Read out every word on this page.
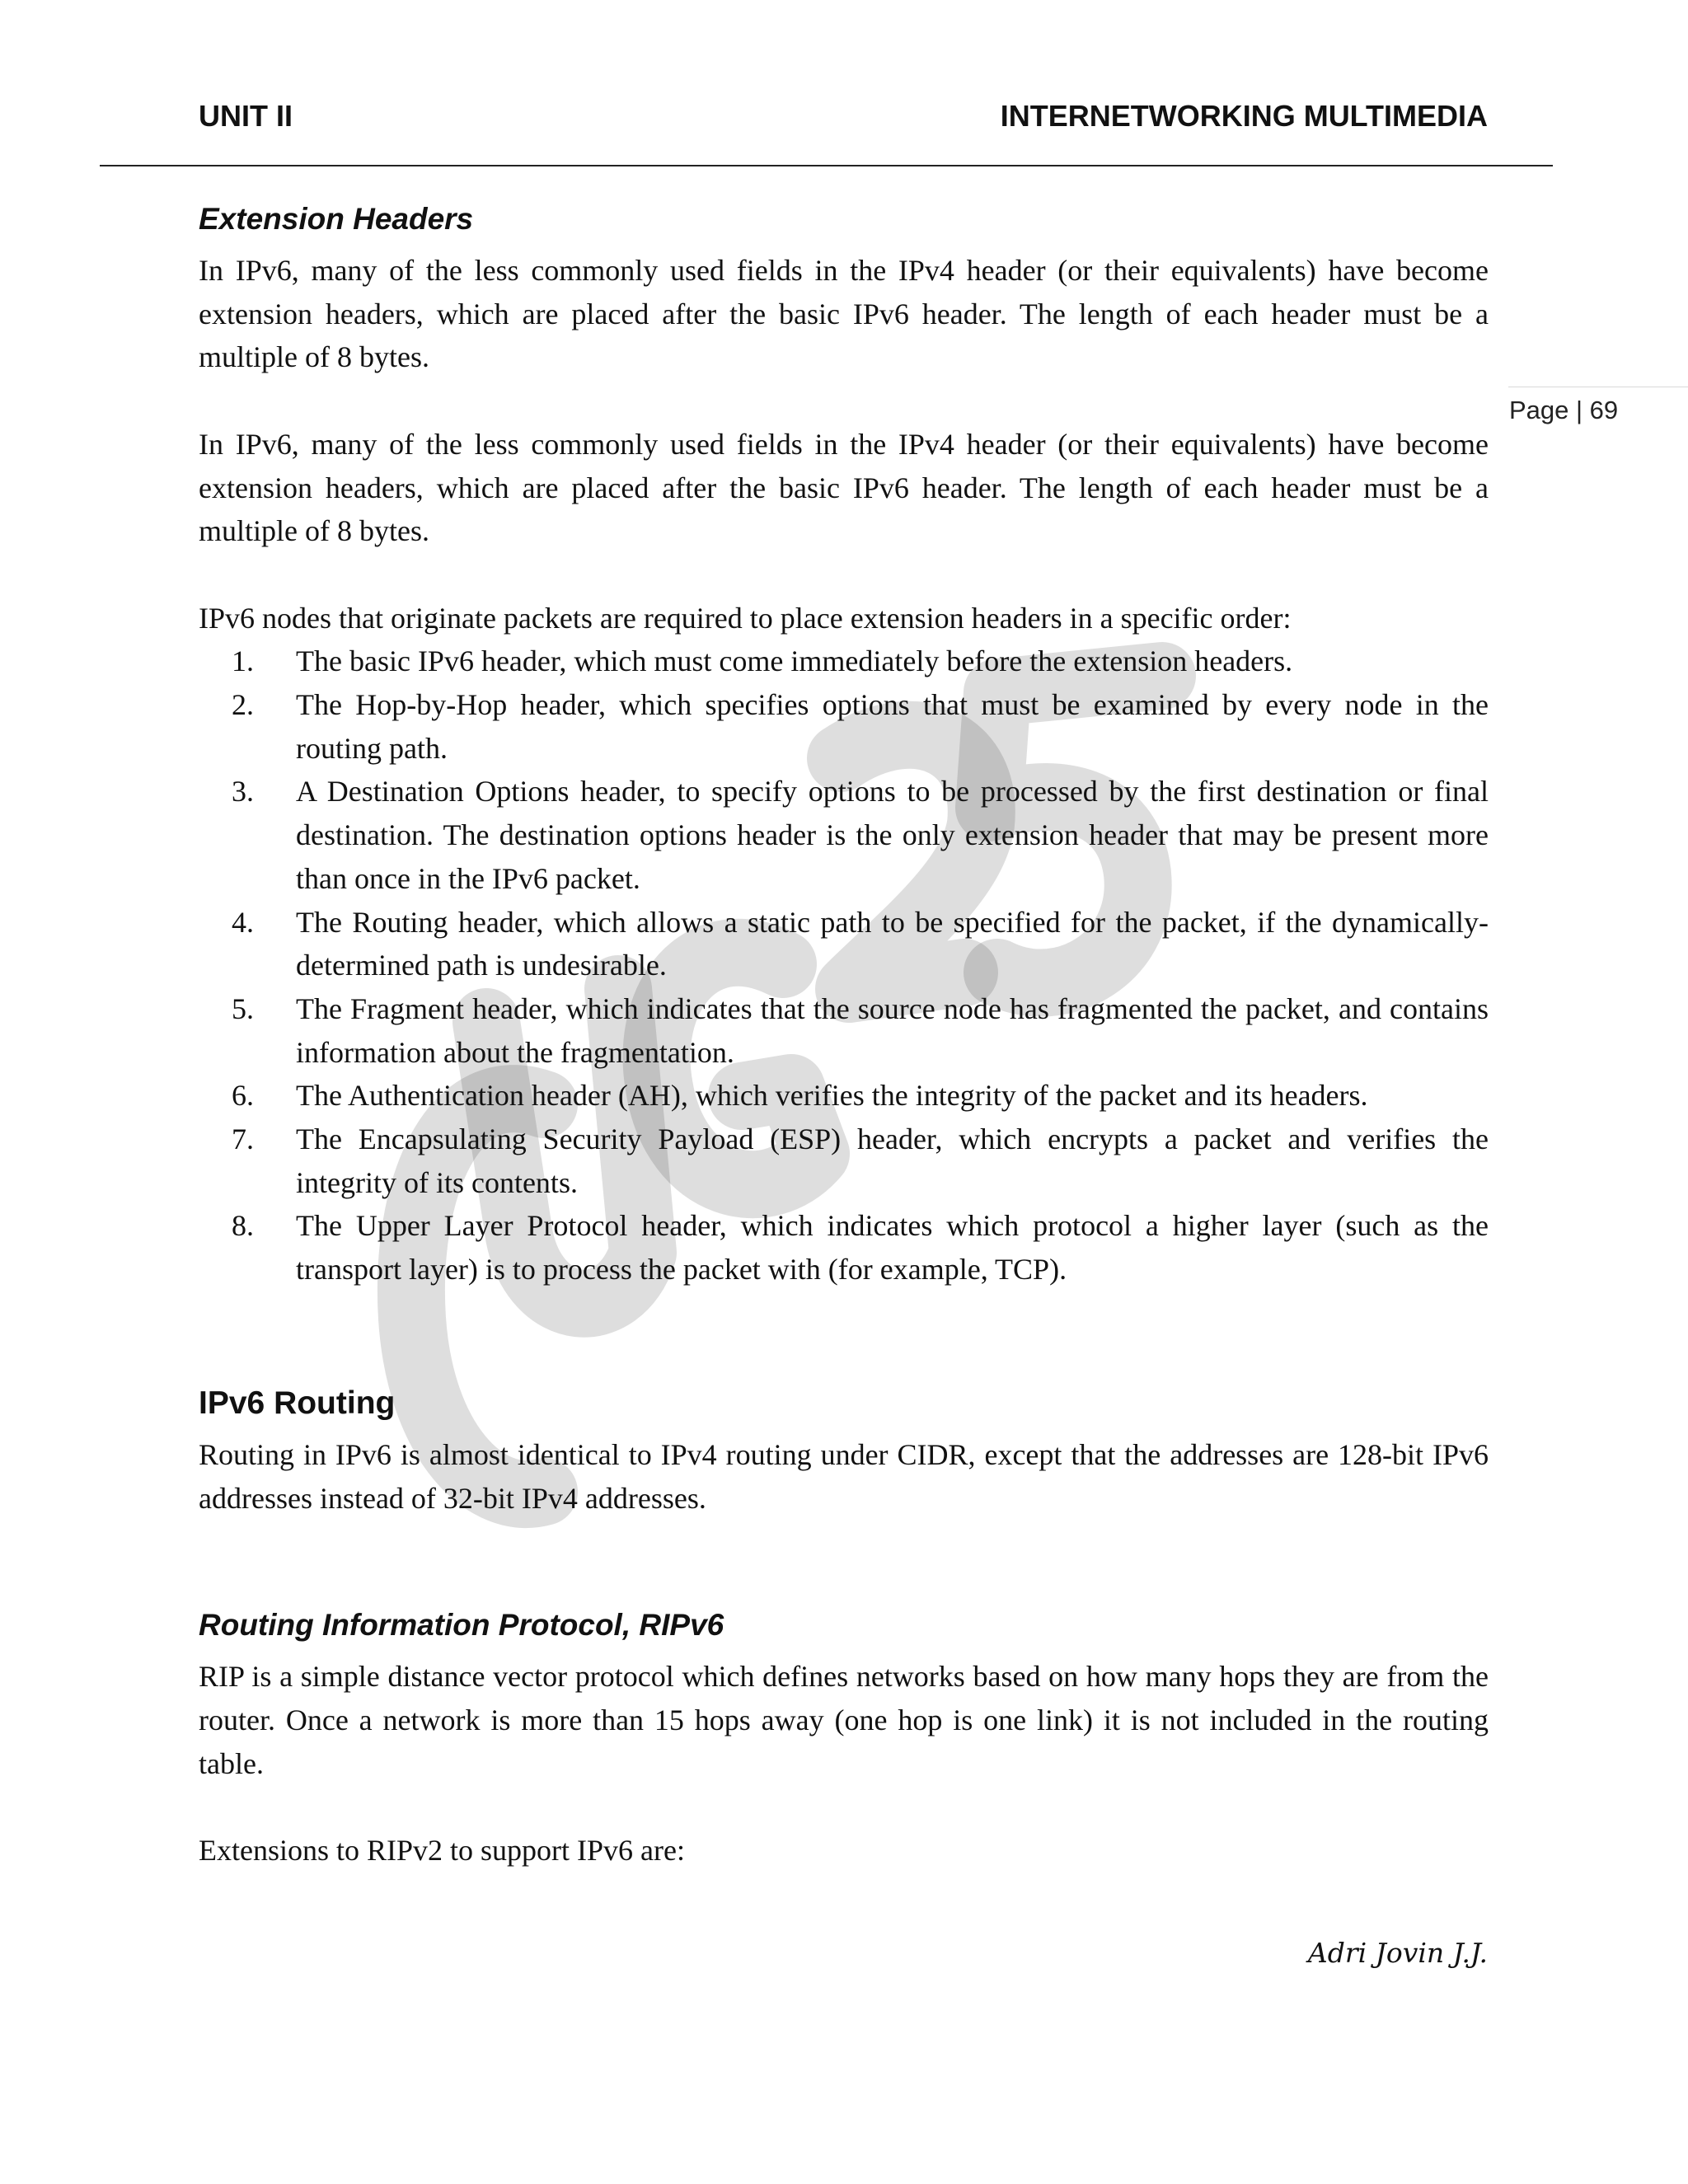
UNIT II	INTERNETWORKING MULTIMEDIA
Page | 69
Extension Headers

In IPv6, many of the less commonly used fields in the IPv4 header (or their equivalents) have become extension headers, which are placed after the basic IPv6 header. The length of each header must be a multiple of 8 bytes.

In IPv6, many of the less commonly used fields in the IPv4 header (or their equivalents) have become extension headers, which are placed after the basic IPv6 header. The length of each header must be a multiple of 8 bytes.

IPv6 nodes that originate packets are required to place extension headers in a specific order:

1.	The basic IPv6 header, which must come immediately before the extension headers.
2.	The Hop-by-Hop header, which specifies options that must be examined by every node in the routing path.
3.	A Destination Options header, to specify options to be processed by the first destination or final destination. The destination options header is the only extension header that may be present more than once in the IPv6 packet.
4.	The Routing header, which allows a static path to be specified for the packet, if the dynamically-determined path is undesirable.
5.	The Fragment header, which indicates that the source node has fragmented the packet, and contains information about the fragmentation.
6.	The Authentication header (AH), which verifies the integrity of the packet and its headers.
7.	The Encapsulating Security Payload (ESP) header, which encrypts a packet and verifies the integrity of its contents.
8.	The Upper Layer Protocol header, which indicates which protocol a higher layer (such as the transport layer) is to process the packet with (for example, TCP).
IPv6 Routing

Routing in IPv6 is almost identical to IPv4 routing under CIDR, except that the addresses are 128-bit IPv6 addresses instead of 32-bit IPv4 addresses.

Routing Information Protocol, RIPv6

RIP is a simple distance vector protocol which defines networks based on how many hops they are from the router. Once a network is more than 15 hops away (one hop is one link) it is not included in the routing table.

Extensions to RIPv2 to support IPv6 are:

Adri Jovin J.J.
